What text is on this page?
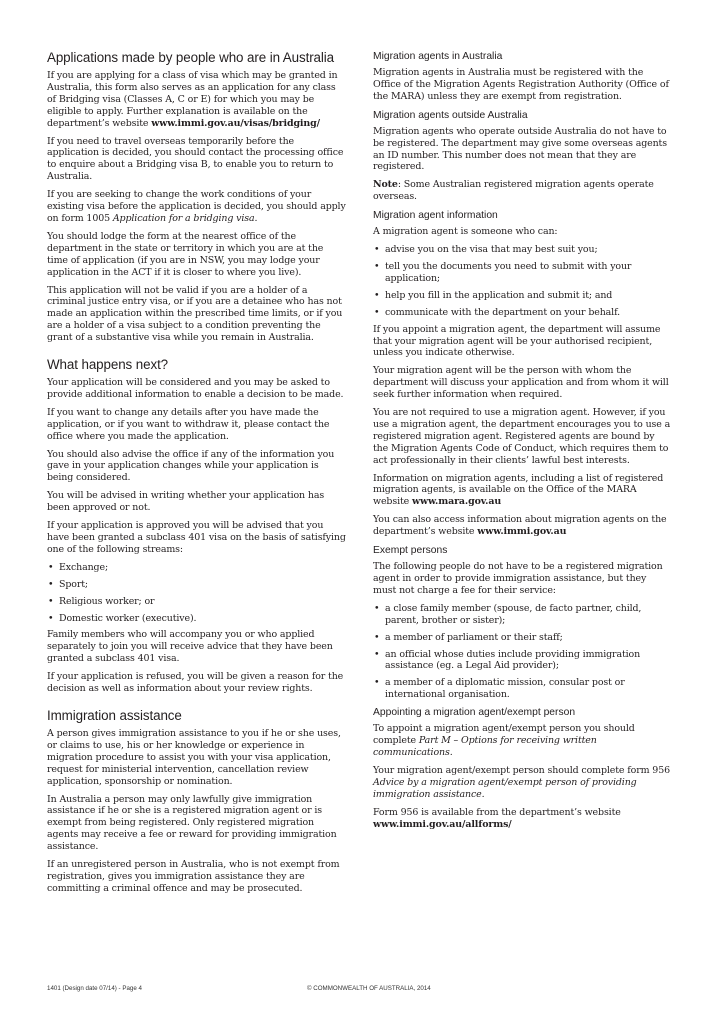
Applications made by people who are in Australia

If you are applying for a class of visa which may be granted in Australia, this form also serves as an application for any class of Bridging visa (Classes A, C or E) for which you may be eligible to apply. Further explanation is available on the department’s website www.immi.gov.au/visas/bridging/

If you need to travel overseas temporarily before the application is decided, you should contact the processing office to enquire about a Bridging visa B, to enable you to return to Australia.

If you are seeking to change the work conditions of your existing visa before the application is decided, you should apply on form 1005 Application for a bridging visa.

You should lodge the form at the nearest office of the department in the state or territory in which you are at the time of application (if you are in NSW, you may lodge your application in the ACT if it is closer to where you live).

This application will not be valid if you are a holder of a criminal justice entry visa, or if you are a detainee who has not made an application within the prescribed time limits, or if you are a holder of a visa subject to a condition preventing the grant of a substantive visa while you remain in Australia.

What happens next?

Your application will be considered and you may be asked to provide additional information to enable a decision to be made.

If you want to change any details after you have made the application, or if you want to withdraw it, please contact the office where you made the application.

You should also advise the office if any of the information you gave in your application changes while your application is being considered.

You will be advised in writing whether your application has been approved or not.

If your application is approved you will be advised that you have been granted a subclass 401 visa on the basis of satisfying one of the following streams:

• Exchange;
• Sport;
• Religious worker; or
• Domestic worker (executive).

Family members who will accompany you or who applied separately to join you will receive advice that they have been granted a subclass 401 visa.

If your application is refused, you will be given a reason for the decision as well as information about your review rights.

Immigration assistance

A person gives immigration assistance to you if he or she uses, or claims to use, his or her knowledge or experience in migration procedure to assist you with your visa application, request for ministerial intervention, cancellation review application, sponsorship or nomination.

In Australia a person may only lawfully give immigration assistance if he or she is a registered migration agent or is exempt from being registered. Only registered migration agents may receive a fee or reward for providing immigration assistance.

If an unregistered person in Australia, who is not exempt from registration, gives you immigration assistance they are committing a criminal offence and may be prosecuted.

Migration agents in Australia

Migration agents in Australia must be registered with the Office of the Migration Agents Registration Authority (Office of the MARA) unless they are exempt from registration.

Migration agents outside Australia

Migration agents who operate outside Australia do not have to be registered. The department may give some overseas agents an ID number. This number does not mean that they are registered.

Note: Some Australian registered migration agents operate overseas.

Migration agent information

A migration agent is someone who can:

• advise you on the visa that may best suit you;
• tell you the documents you need to submit with your application;
• help you fill in the application and submit it; and
• communicate with the department on your behalf.

If you appoint a migration agent, the department will assume that your migration agent will be your authorised recipient, unless you indicate otherwise.

Your migration agent will be the person with whom the department will discuss your application and from whom it will seek further information when required.

You are not required to use a migration agent. However, if you use a migration agent, the department encourages you to use a registered migration agent. Registered agents are bound by the Migration Agents Code of Conduct, which requires them to act professionally in their clients’ lawful best interests.

Information on migration agents, including a list of registered migration agents, is available on the Office of the MARA website www.mara.gov.au

You can also access information about migration agents on the department’s website www.immi.gov.au

Exempt persons

The following people do not have to be a registered migration agent in order to provide immigration assistance, but they must not charge a fee for their service:

• a close family member (spouse, de facto partner, child, parent, brother or sister);
• a member of parliament or their staff;
• an official whose duties include providing immigration assistance (eg. a Legal Aid provider);
• a member of a diplomatic mission, consular post or international organisation.
Appointing a migration agent/exempt person

To appoint a migration agent/exempt person you should complete Part M – Options for receiving written communications.

Your migration agent/exempt person should complete form 956 Advice by a migration agent/exempt person of providing immigration assistance.

Form 956 is available from the department’s website www.immi.gov.au/allforms/

1401 (Design date 07/14) - Page 4	© COMMONWEALTH OF AUSTRALIA, 2014
